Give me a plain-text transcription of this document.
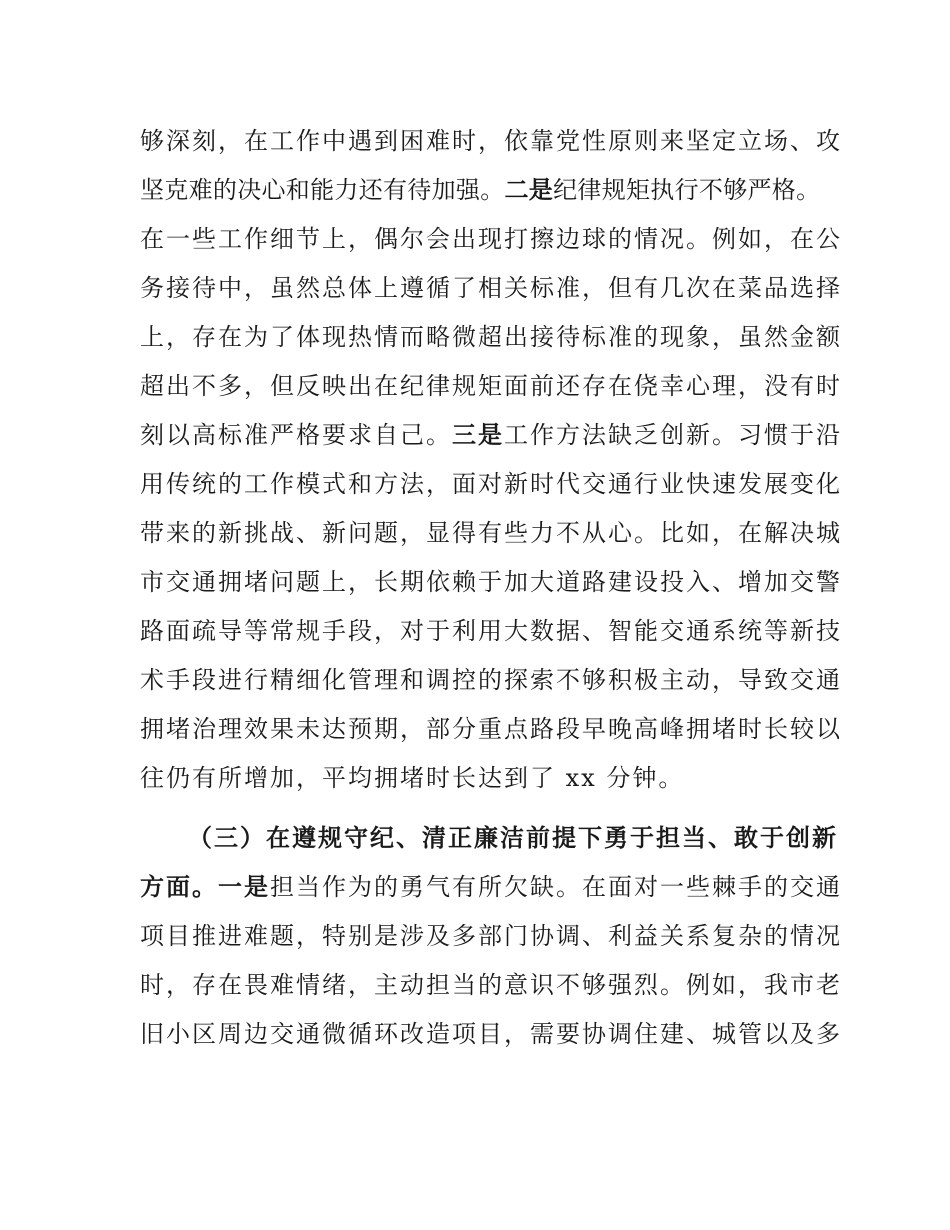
够深刻，在工作中遇到困难时，依靠党性原则来坚定立场、攻
坚克难的决心和能力还有待加强。二是纪律规矩执行不够严格。
在一些工作细节上，偶尔会出现打擦边球的情况。例如，在公
务接待中，虽然总体上遵循了相关标准，但有几次在菜品选择
上，存在为了体现热情而略微超出接待标准的现象，虽然金额
超出不多，但反映出在纪律规矩面前还存在侥幸心理，没有时
刻以高标准严格要求自己。三是工作方法缺乏创新。习惯于沿
用传统的工作模式和方法，面对新时代交通行业快速发展变化
带来的新挑战、新问题，显得有些力不从心。比如，在解决城
市交通拥堵问题上，长期依赖于加大道路建设投入、增加交警
路面疏导等常规手段，对于利用大数据、智能交通系统等新技
术手段进行精细化管理和调控的探索不够积极主动，导致交通
拥堵治理效果未达预期，部分重点路段早晚高峰拥堵时长较以
往仍有所增加，平均拥堵时长达到了 xx 分钟。
（三）在遵规守纪、清正廉洁前提下勇于担当、敢于创新
方面。一是担当作为的勇气有所欠缺。在面对一些棘手的交通
项目推进难题，特别是涉及多部门协调、利益关系复杂的情况
时，存在畏难情绪，主动担当的意识不够强烈。例如，我市老
旧小区周边交通微循环改造项目，需要协调住建、城管以及多
